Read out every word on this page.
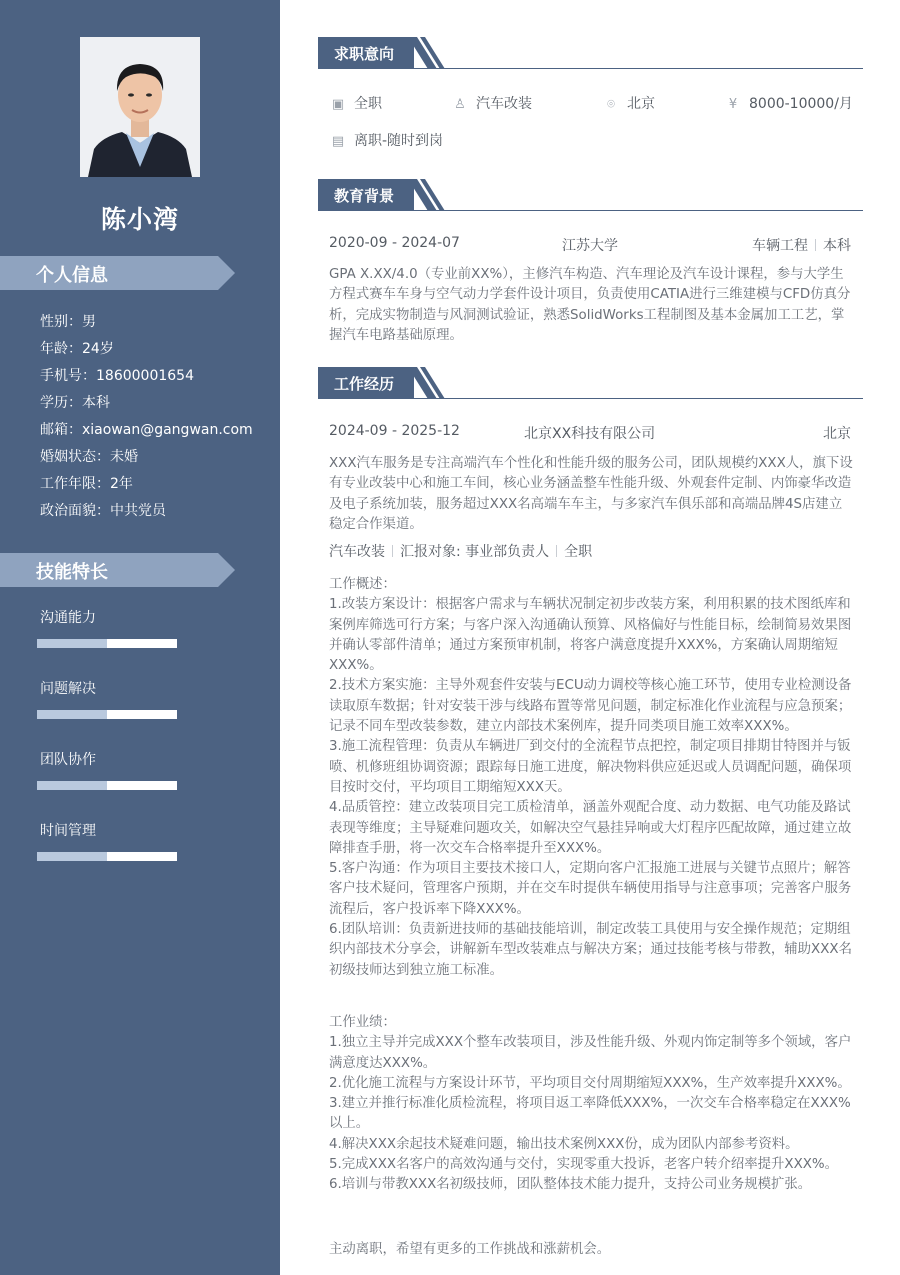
陈小湾
个人信息
性别：男
年龄：24岁
手机号：18600001654
学历：本科
邮箱：xiaowan@gangwan.com
婚姻状态：未婚
工作年限：2年
政治面貌：中共党员
技能特长
沟通能力
问题解决
团队协作
时间管理
求职意向
▣ 全职	♙ 汽车改装	⌾ 北京	¥ 8000-10000/月
▤ 离职-随时到岗
教育背景
2020-09 - 2024-07	江苏大学	车辆工程 本科
GPA X.XX/4.0（专业前XX%），主修汽车构造、汽车理论及汽车设计课程，参与大学生方程式赛车车身与空气动力学套件设计项目，负责使用CATIA进行三维建模与CFD仿真分析，完成实物制造与风洞测试验证，熟悉SolidWorks工程制图及基本金属加工工艺，掌握汽车电路基础原理。
工作经历
2024-09 - 2025-12	北京XX科技有限公司	北京
XXX汽车服务是专注高端汽车个性化和性能升级的服务公司，团队规模约XXX人，旗下设有专业改装中心和施工车间，核心业务涵盖整车性能升级、外观套件定制、内饰豪华改造及电子系统加装，服务超过XXX名高端车车主，与多家汽车俱乐部和高端品牌4S店建立稳定合作渠道。
汽车改装 汇报对象: 事业部负责人 全职
工作概述：
1.改装方案设计：根据客户需求与车辆状况制定初步改装方案，利用积累的技术图纸库和案例库筛选可行方案；与客户深入沟通确认预算、风格偏好与性能目标，绘制简易效果图并确认零部件清单；通过方案预审机制，将客户满意度提升XXX%，方案确认周期缩短XXX%。
2.技术方案实施：主导外观套件安装与ECU动力调校等核心施工环节，使用专业检测设备读取原车数据；针对安装干涉与线路布置等常见问题，制定标准化作业流程与应急预案；记录不同车型改装参数，建立内部技术案例库，提升同类项目施工效率XXX%。
3.施工流程管理：负责从车辆进厂到交付的全流程节点把控，制定项目排期甘特图并与钣喷、机修班组协调资源；跟踪每日施工进度，解决物料供应延迟或人员调配问题，确保项目按时交付，平均项目工期缩短XXX天。
4.品质管控：建立改装项目完工质检清单，涵盖外观配合度、动力数据、电气功能及路试表现等维度；主导疑难问题攻关，如解决空气悬挂异响或大灯程序匹配故障，通过建立故障排查手册，将一次交车合格率提升至XXX%。
5.客户沟通：作为项目主要技术接口人，定期向客户汇报施工进展与关键节点照片；解答客户技术疑问，管理客户预期，并在交车时提供车辆使用指导与注意事项；完善客户服务流程后，客户投诉率下降XXX%。
6.团队培训：负责新进技师的基础技能培训，制定改装工具使用与安全操作规范；定期组织内部技术分享会，讲解新车型改装难点与解决方案；通过技能考核与带教，辅助XXX名初级技师达到独立施工标准。
工作业绩：
1.独立主导并完成XXX个整车改装项目，涉及性能升级、外观内饰定制等多个领域，客户满意度达XXX%。
2.优化施工流程与方案设计环节，平均项目交付周期缩短XXX%，生产效率提升XXX%。
3.建立并推行标准化质检流程，将项目返工率降低XXX%，一次交车合格率稳定在XXX%以上。
4.解决XXX余起技术疑难问题，输出技术案例XXX份，成为团队内部参考资料。
5.完成XXX名客户的高效沟通与交付，实现零重大投诉，老客户转介绍率提升XXX%。
6.培训与带教XXX名初级技师，团队整体技术能力提升，支持公司业务规模扩张。
主动离职，希望有更多的工作挑战和涨薪机会。
